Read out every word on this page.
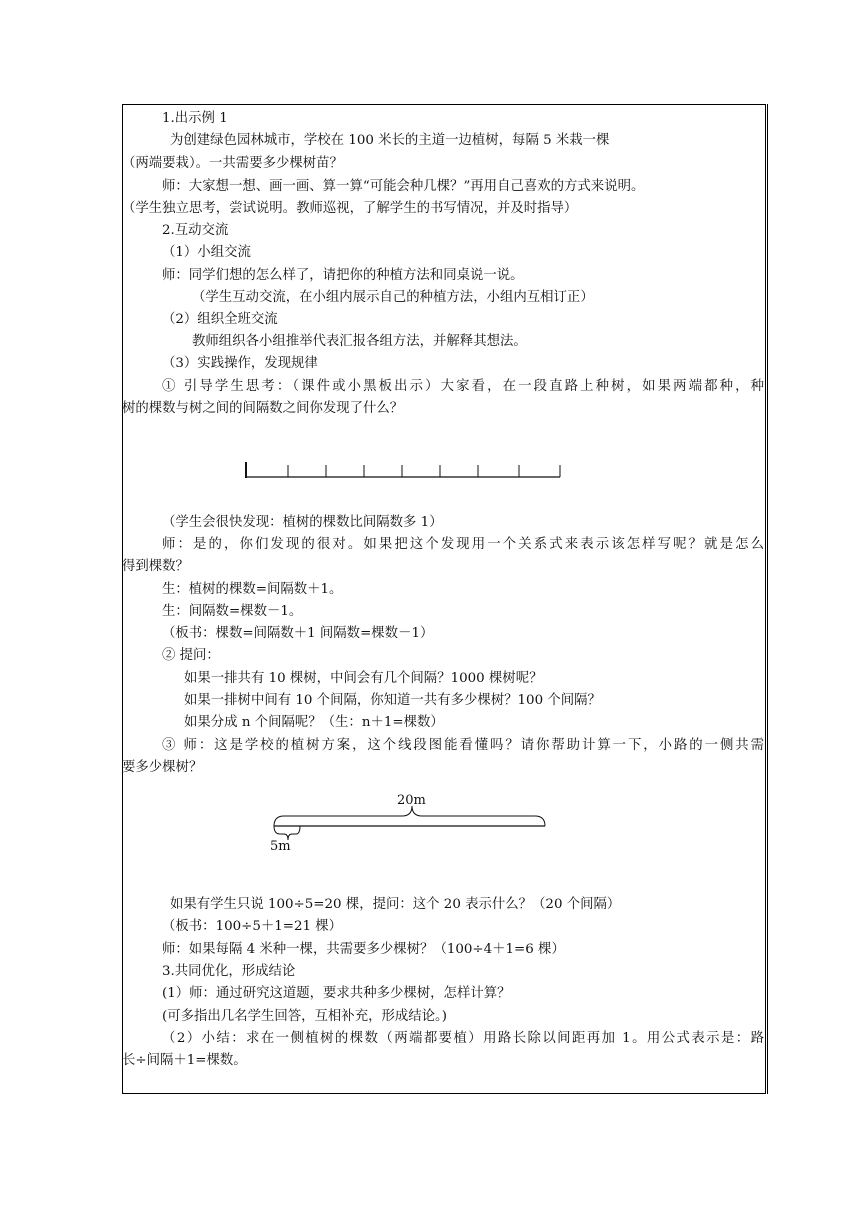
1.出示例 1
为创建绿色园林城市，学校在 100 米长的主道一边植树，每隔 5 米栽一棵
（两端要栽）。一共需要多少棵树苗？
师：大家想一想、画一画、算一算“可能会种几棵？”再用自己喜欢的方式来说明。
（学生独立思考，尝试说明。教师巡视，了解学生的书写情况，并及时指导）
2.互动交流
（1）小组交流
师：同学们想的怎么样了，请把你的种植方法和同桌说一说。
（学生互动交流，在小组内展示自己的种植方法，小组内互相订正）
（2）组织全班交流
教师组织各小组推举代表汇报各组方法，并解释其想法。
（3）实践操作，发现规律
① 引导学生思考：（课件或小黑板出示）大家看，在一段直路上种树，如果两端都种，种
树的棵数与树之间的间隔数之间你发现了什么？
（学生会很快发现：植树的棵数比间隔数多 1）
师：是的，你们发现的很对。如果把这个发现用一个关系式来表示该怎样写呢？就是怎么
得到棵数？
生：植树的棵数=间隔数＋1。
生：间隔数=棵数－1。
（板书：棵数=间隔数＋1 间隔数=棵数－1）
② 提问：
如果一排共有 10 棵树，中间会有几个间隔？1000 棵树呢？
如果一排树中间有 10 个间隔，你知道一共有多少棵树？100 个间隔？
如果分成 n 个间隔呢？（生：n＋1=棵数）
③ 师：这是学校的植树方案，这个线段图能看懂吗？请你帮助计算一下，小路的一侧共需
要多少棵树？
20m
5m
如果有学生只说 100÷5=20 棵，提问：这个 20 表示什么？（20 个间隔）
（板书：100÷5＋1=21 棵）
师：如果每隔 4 米种一棵，共需要多少棵树？（100÷4＋1=6 棵）
3.共同优化，形成结论
(1）师：通过研究这道题，要求共种多少棵树，怎样计算？
(可多指出几名学生回答，互相补充，形成结论。)
（2）小结：求在一侧植树的棵数（两端都要植）用路长除以间距再加 1。用公式表示是：路
长÷间隔＋1=棵数。
